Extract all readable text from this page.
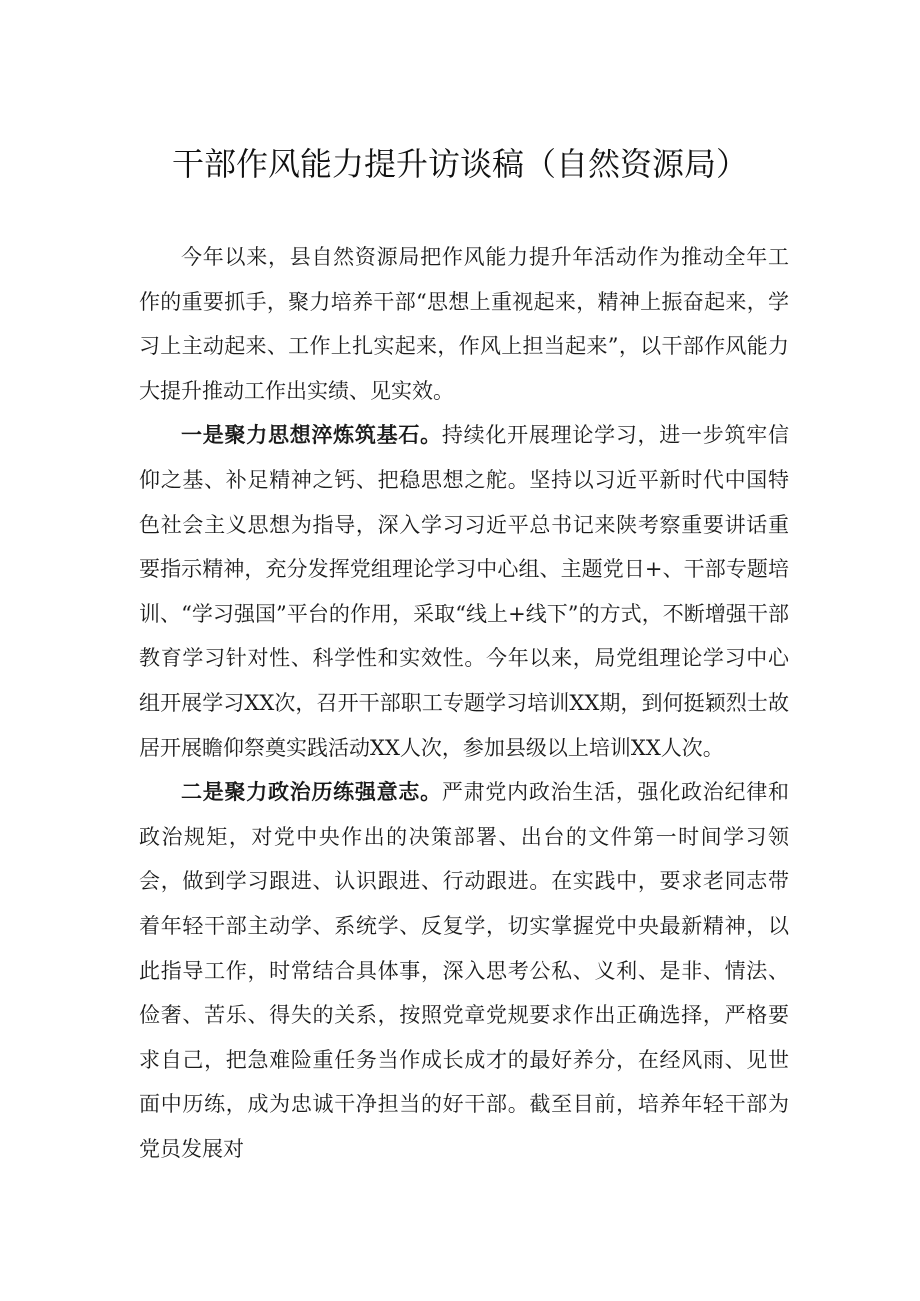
干部作风能力提升访谈稿（自然资源局）

今年以来，县自然资源局把作风能力提升年活动作为推动全年工作的重要抓手，聚力培养干部“思想上重视起来，精神上振奋起来，学习上主动起来、工作上扎实起来，作风上担当起来”，以干部作风能力大提升推动工作出实绩、见实效。

一是聚力思想淬炼筑基石。持续化开展理论学习，进一步筑牢信仰之基、补足精神之钙、把稳思想之舵。坚持以习近平新时代中国特色社会主义思想为指导，深入学习习近平总书记来陕考察重要讲话重要指示精神，充分发挥党组理论学习中心组、主题党日+、干部专题培训、“学习强国”平台的作用，采取“线上+线下”的方式，不断增强干部教育学习针对性、科学性和实效性。今年以来，局党组理论学习中心组开展学习XX次，召开干部职工专题学习培训XX期，到何挺颖烈士故居开展瞻仰祭奠实践活动XX人次，参加县级以上培训XX人次。

二是聚力政治历练强意志。严肃党内政治生活，强化政治纪律和政治规矩，对党中央作出的决策部署、出台的文件第一时间学习领会，做到学习跟进、认识跟进、行动跟进。在实践中，要求老同志带着年轻干部主动学、系统学、反复学，切实掌握党中央最新精神，以此指导工作，时常结合具体事，深入思考公私、义利、是非、情法、俭奢、苦乐、得失的关系，按照党章党规要求作出正确选择，严格要求自己，把急难险重任务当作成长成才的最好养分，在经风雨、见世面中历练，成为忠诚干净担当的好干部。截至目前，培养年轻干部为党员发展对
